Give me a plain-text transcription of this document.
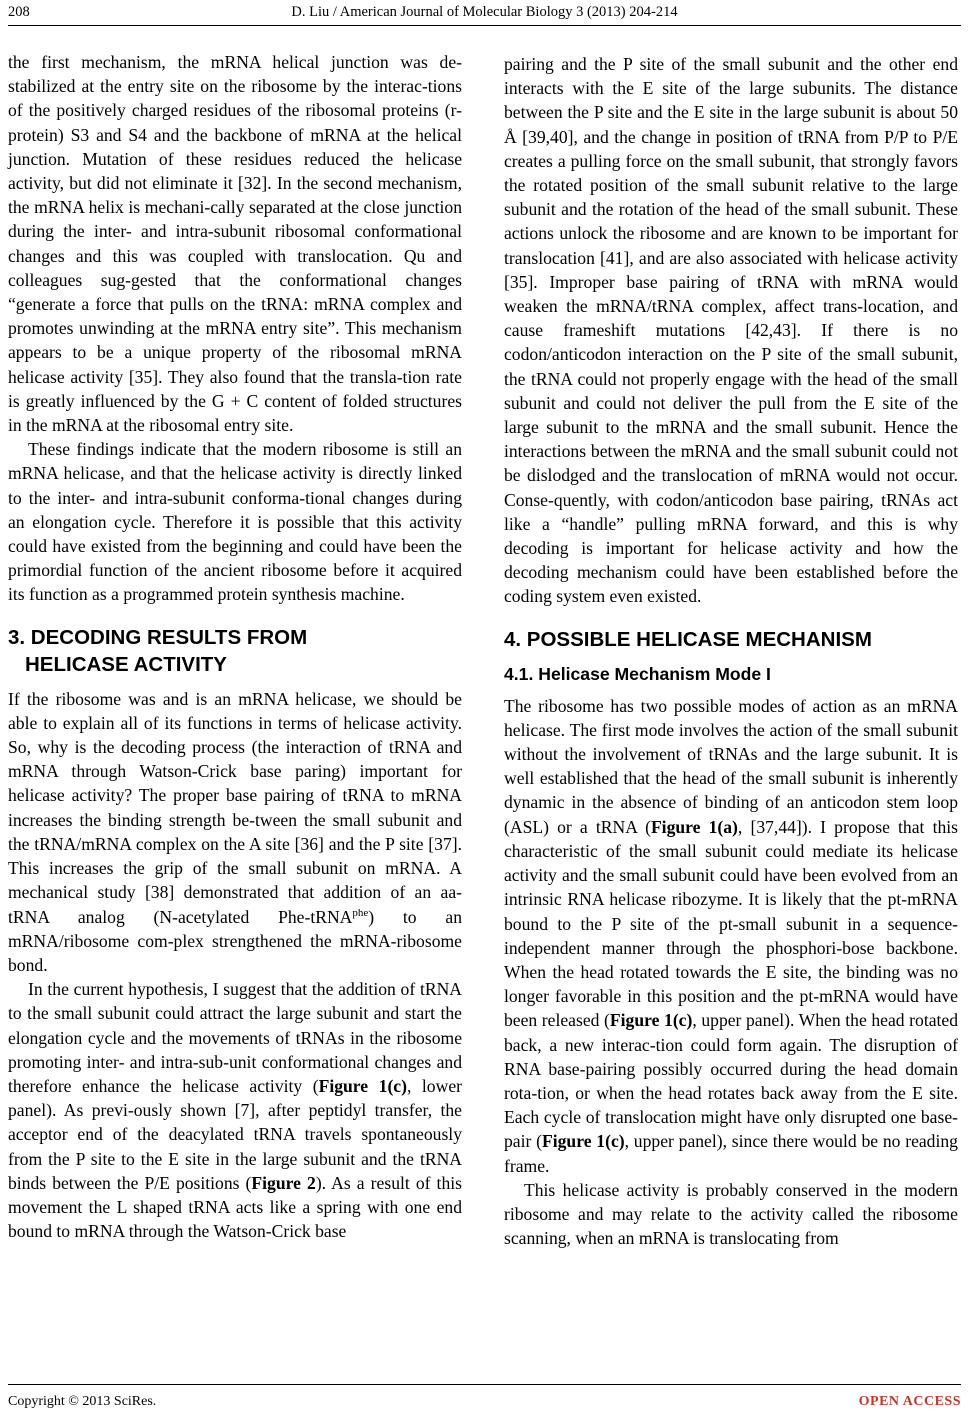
208	D. Liu / American Journal of Molecular Biology 3 (2013) 204-214

the first mechanism, the mRNA helical junction was de-stabilized at the entry site on the ribosome by the interac-tions of the positively charged residues of the ribosomal proteins (r-protein) S3 and S4 and the backbone of mRNA at the helical junction. Mutation of these residues reduced the helicase activity, but did not eliminate it [32]. In the second mechanism, the mRNA helix is mechani-cally separated at the close junction during the inter- and intra-subunit ribosomal conformational changes and this was coupled with translocation. Qu and colleagues sug-gested that the conformational changes “generate a force that pulls on the tRNA: mRNA complex and promotes unwinding at the mRNA entry site”. This mechanism appears to be a unique property of the ribosomal mRNA helicase activity [35]. They also found that the transla-tion rate is greatly influenced by the G + C content of folded structures in the mRNA at the ribosomal entry site.

These findings indicate that the modern ribosome is still an mRNA helicase, and that the helicase activity is directly linked to the inter- and intra-subunit conforma-tional changes during an elongation cycle. Therefore it is possible that this activity could have existed from the beginning and could have been the primordial function of the ancient ribosome before it acquired its function as a programmed protein synthesis machine.

3. DECODING RESULTS FROM
HELICASE ACTIVITY

If the ribosome was and is an mRNA helicase, we should be able to explain all of its functions in terms of helicase activity. So, why is the decoding process (the interaction of tRNA and mRNA through Watson-Crick base paring) important for helicase activity? The proper base pairing of tRNA to mRNA increases the binding strength be-tween the small subunit and the tRNA/mRNA complex on the A site [36] and the P site [37]. This increases the grip of the small subunit on mRNA. A mechanical study [38] demonstrated that addition of an aa-tRNA analog (N-acetylated Phe-tRNA$^{phe}$) to an mRNA/ribosome com-plex strengthened the mRNA-ribosome bond.

In the current hypothesis, I suggest that the addition of tRNA to the small subunit could attract the large subunit and start the elongation cycle and the movements of tRNAs in the ribosome promoting inter- and intra-sub-unit conformational changes and therefore enhance the helicase activity (Figure 1(c), lower panel). As previ-ously shown [7], after peptidyl transfer, the acceptor end of the deacylated tRNA travels spontaneously from the P site to the E site in the large subunit and the tRNA binds between the P/E positions (Figure 2). As a result of this movement the L shaped tRNA acts like a spring with one end bound to mRNA through the Watson-Crick base

pairing and the P site of the small subunit and the other end interacts with the E site of the large subunits. The distance between the P site and the E site in the large subunit is about 50 Å [39,40], and the change in position of tRNA from P/P to P/E creates a pulling force on the small subunit, that strongly favors the rotated position of the small subunit relative to the large subunit and the rotation of the head of the small subunit. These actions unlock the ribosome and are known to be important for translocation [41], and are also associated with helicase activity [35]. Improper base pairing of tRNA with mRNA would weaken the mRNA/tRNA complex, affect trans-location, and cause frameshift mutations [42,43]. If there is no codon/anticodon interaction on the P site of the small subunit, the tRNA could not properly engage with the head of the small subunit and could not deliver the pull from the E site of the large subunit to the mRNA and the small subunit. Hence the interactions between the mRNA and the small subunit could not be dislodged and the translocation of mRNA would not occur. Conse-quently, with codon/anticodon base pairing, tRNAs act like a “handle” pulling mRNA forward, and this is why decoding is important for helicase activity and how the decoding mechanism could have been established before the coding system even existed.

4. POSSIBLE HELICASE MECHANISM
4.1. Helicase Mechanism Mode I

The ribosome has two possible modes of action as an mRNA helicase. The first mode involves the action of the small subunit without the involvement of tRNAs and the large subunit. It is well established that the head of the small subunit is inherently dynamic in the absence of binding of an anticodon stem loop (ASL) or a tRNA (Figure 1(a), [37,44]). I propose that this characteristic of the small subunit could mediate its helicase activity and the small subunit could have been evolved from an intrinsic RNA helicase ribozyme. It is likely that the pt-mRNA bound to the P site of the pt-small subunit in a sequence-independent manner through the phosphori-bose backbone. When the head rotated towards the E site, the binding was no longer favorable in this position and the pt-mRNA would have been released (Figure 1(c), upper panel). When the head rotated back, a new interac-tion could form again. The disruption of RNA base-pairing possibly occurred during the head domain rota-tion, or when the head rotates back away from the E site. Each cycle of translocation might have only disrupted one base-pair (Figure 1(c), upper panel), since there would be no reading frame.

This helicase activity is probably conserved in the modern ribosome and may relate to the activity called the ribosome scanning, when an mRNA is translocating from

Copyright © 2013 SciRes.	OPEN ACCESS
